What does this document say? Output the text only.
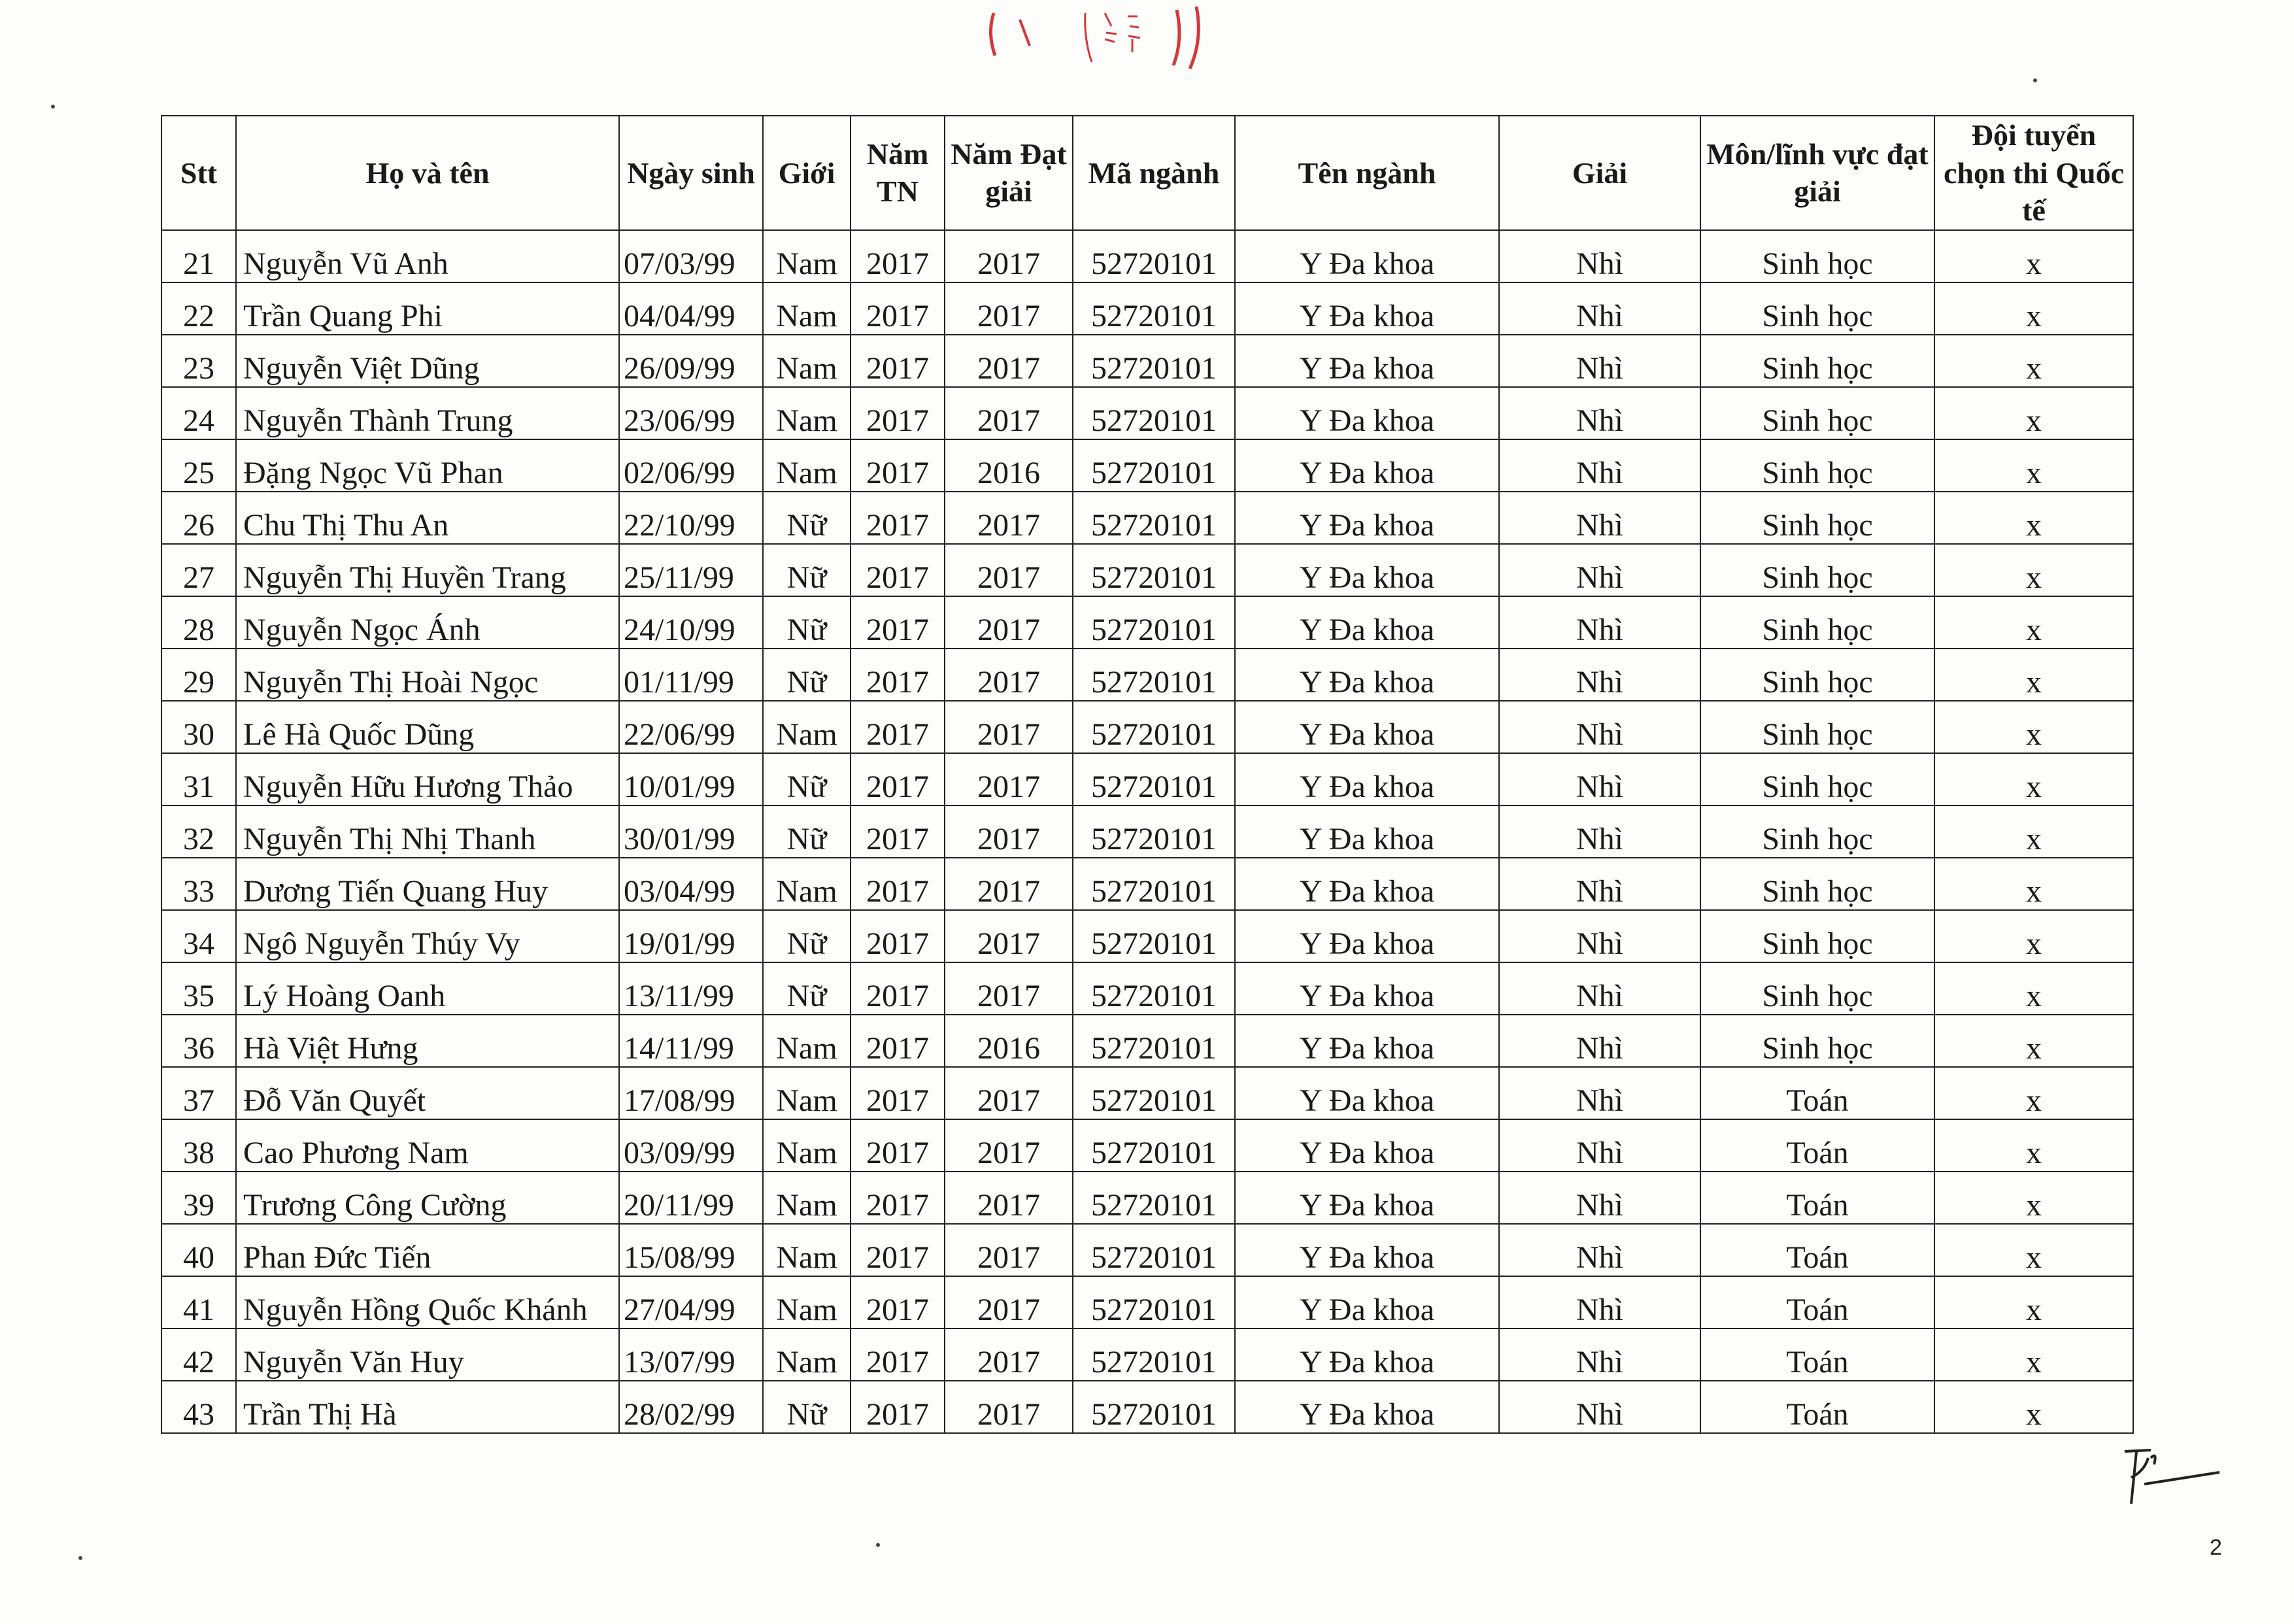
Stt	Họ và tên	Ngày sinh	Giới	Năm TN	Năm Đạt giải	Mã ngành	Tên ngành	Giải	Môn/lĩnh vực đạt giải	Đội tuyển chọn thi Quốc tế
21	Nguyễn Vũ Anh	07/03/99	Nam	2017	2017	52720101	Y Đa khoa	Nhì	Sinh học	x
22	Trần Quang Phi	04/04/99	Nam	2017	2017	52720101	Y Đa khoa	Nhì	Sinh học	x
23	Nguyễn Việt Dũng	26/09/99	Nam	2017	2017	52720101	Y Đa khoa	Nhì	Sinh học	x
24	Nguyễn Thành Trung	23/06/99	Nam	2017	2017	52720101	Y Đa khoa	Nhì	Sinh học	x
25	Đặng Ngọc Vũ Phan	02/06/99	Nam	2017	2016	52720101	Y Đa khoa	Nhì	Sinh học	x
26	Chu Thị Thu An	22/10/99	Nữ	2017	2017	52720101	Y Đa khoa	Nhì	Sinh học	x
27	Nguyễn Thị Huyền Trang	25/11/99	Nữ	2017	2017	52720101	Y Đa khoa	Nhì	Sinh học	x
28	Nguyễn Ngọc Ánh	24/10/99	Nữ	2017	2017	52720101	Y Đa khoa	Nhì	Sinh học	x
29	Nguyễn Thị Hoài Ngọc	01/11/99	Nữ	2017	2017	52720101	Y Đa khoa	Nhì	Sinh học	x
30	Lê Hà Quốc Dũng	22/06/99	Nam	2017	2017	52720101	Y Đa khoa	Nhì	Sinh học	x
31	Nguyễn Hữu Hương Thảo	10/01/99	Nữ	2017	2017	52720101	Y Đa khoa	Nhì	Sinh học	x
32	Nguyễn Thị Nhị Thanh	30/01/99	Nữ	2017	2017	52720101	Y Đa khoa	Nhì	Sinh học	x
33	Dương Tiến Quang Huy	03/04/99	Nam	2017	2017	52720101	Y Đa khoa	Nhì	Sinh học	x
34	Ngô Nguyễn Thúy Vy	19/01/99	Nữ	2017	2017	52720101	Y Đa khoa	Nhì	Sinh học	x
35	Lý Hoàng Oanh	13/11/99	Nữ	2017	2017	52720101	Y Đa khoa	Nhì	Sinh học	x
36	Hà Việt Hưng	14/11/99	Nam	2017	2016	52720101	Y Đa khoa	Nhì	Sinh học	x
37	Đỗ Văn Quyết	17/08/99	Nam	2017	2017	52720101	Y Đa khoa	Nhì	Toán	x
38	Cao Phương Nam	03/09/99	Nam	2017	2017	52720101	Y Đa khoa	Nhì	Toán	x
39	Trương Công Cường	20/11/99	Nam	2017	2017	52720101	Y Đa khoa	Nhì	Toán	x
40	Phan Đức Tiến	15/08/99	Nam	2017	2017	52720101	Y Đa khoa	Nhì	Toán	x
41	Nguyễn Hồng Quốc Khánh	27/04/99	Nam	2017	2017	52720101	Y Đa khoa	Nhì	Toán	x
42	Nguyễn Văn Huy	13/07/99	Nam	2017	2017	52720101	Y Đa khoa	Nhì	Toán	x
43	Trần Thị Hà	28/02/99	Nữ	2017	2017	52720101	Y Đa khoa	Nhì	Toán	x
2
